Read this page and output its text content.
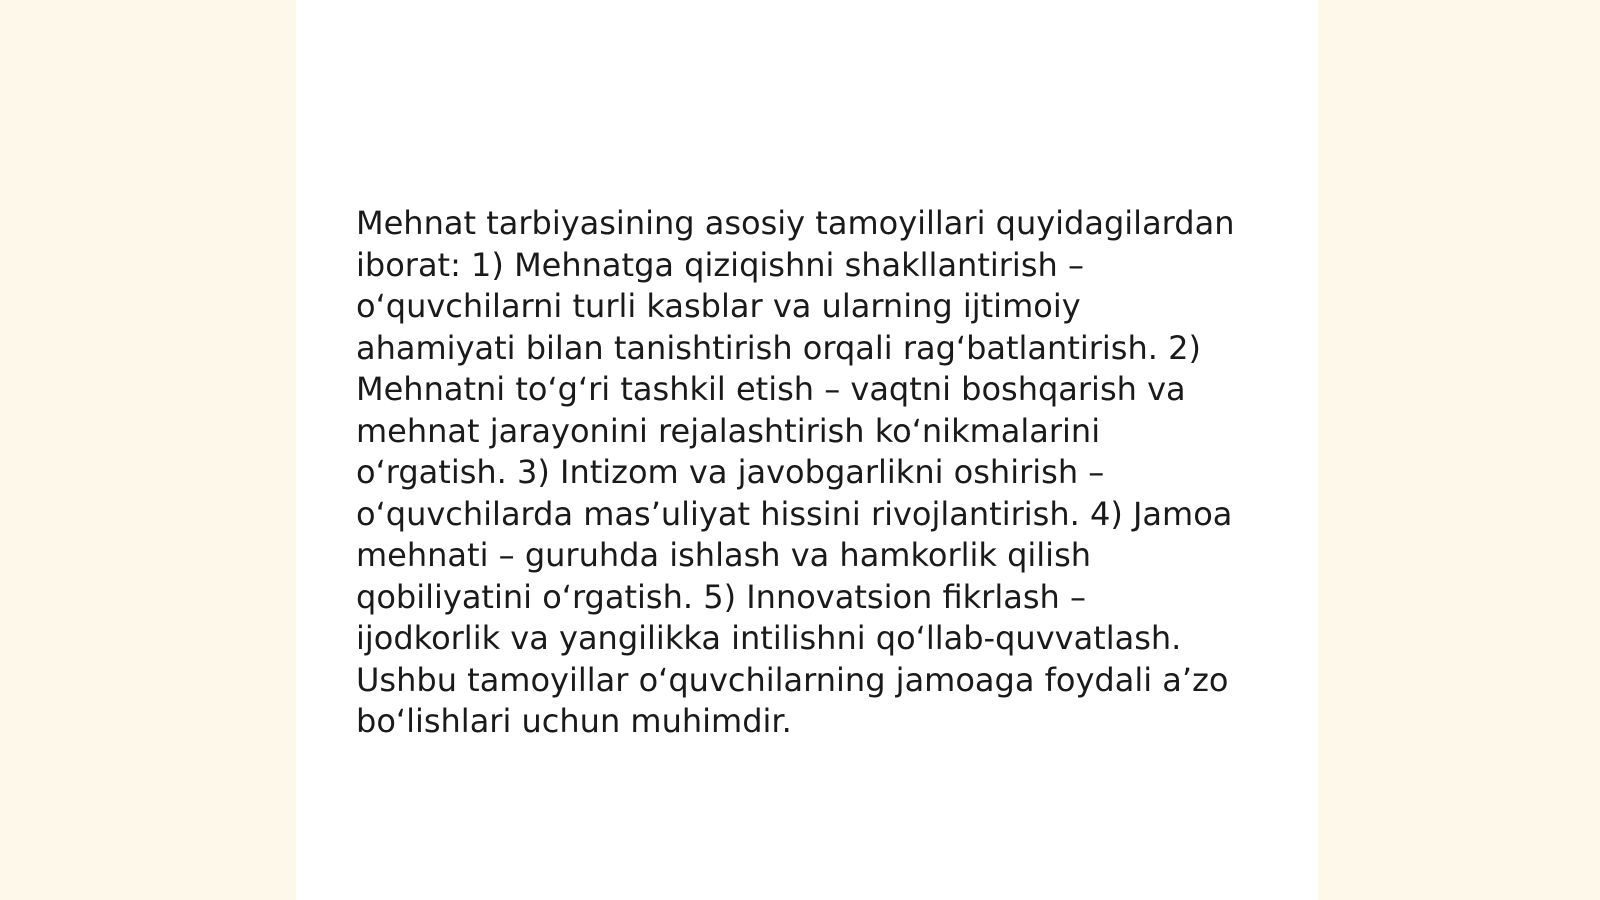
Mehnat tarbiyasining asosiy tamoyillari quyidagilardan iborat: 1) Mehnatga qiziqishni shakllantirish – o‘quvchilarni turli kasblar va ularning ijtimoiy ahamiyati bilan tanishtirish orqali rag‘batlantirish. 2) Mehnatni to‘g‘ri tashkil etish – vaqtni boshqarish va mehnat jarayonini rejalashtirish ko‘nikmalarini o‘rgatish. 3) Intizom va javobgarlikni oshirish – o‘quvchilarda mas’uliyat hissini rivojlantirish. 4) Jamoa mehnati – guruhda ishlash va hamkorlik qilish qobiliyatini o‘rgatish. 5) Innovatsion fikrlash – ijodkorlik va yangilikka intilishni qo‘llab-quvvatlash. Ushbu tamoyillar o‘quvchilarning jamoaga foydali a’zo bo‘lishlari uchun muhimdir.
